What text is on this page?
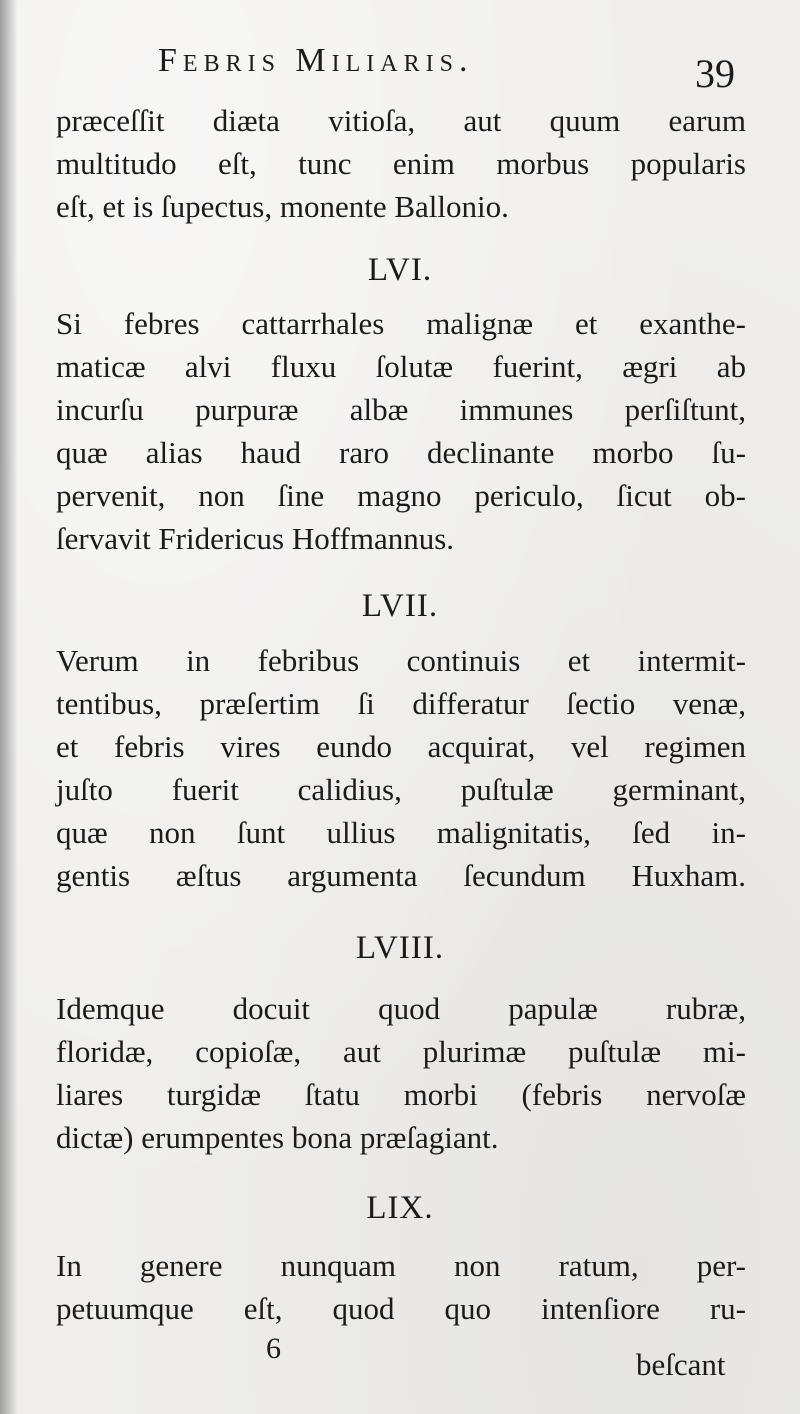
Febris Miliaris.	39
præceſſit diæta vitioſa, aut quum earum
multitudo eſt, tunc enim morbus popularis
eſt, et is ſupectus, monente Ballonio.
LVI.
Si febres cattarrhales malignæ et exanthe-
maticæ alvi fluxu ſolutæ fuerint, ægri ab
incurſu purpuræ albæ immunes perſiſtunt,
quæ alias haud raro declinante morbo ſu-
pervenit, non ſine magno periculo, ſicut ob-
ſervavit Fridericus Hoffmannus.
LVII.
Verum in febribus continuis et intermit-
tentibus, præſertim ſi differatur ſectio venæ,
et febris vires eundo acquirat, vel regimen
juſto fuerit calidius, puſtulæ germinant,
quæ non ſunt ullius malignitatis, ſed in-
gentis æſtus argumenta ſecundum Huxham.
LVIII.
Idemque docuit quod papulæ rubræ,
floridæ, copioſæ, aut plurimæ puſtulæ mi-
liares turgidæ ſtatu morbi (febris nervoſæ
dictæ) erumpentes bona præſagiant.
LIX.
In genere nunquam non ratum, per-
petuumque eſt, quod quo intenſiore ru-
6	beſcant
